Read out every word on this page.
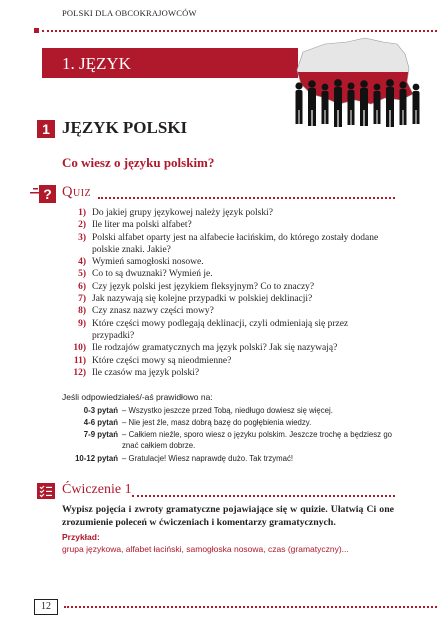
POLSKI DLA OBCOKRAJOWCÓW
1. JĘZYK
1 JĘZYK POLSKI
Co wiesz o języku polskim?
? Quiz
1) Do jakiej grupy językowej należy język polski?
2) Ile liter ma polski alfabet?
3) Polski alfabet oparty jest na alfabecie łacińskim, do którego zostały dodane polskie znaki. Jakie?
4) Wymień samogłoski nosowe.
5) Co to są dwuznaki? Wymień je.
6) Czy język polski jest językiem fleksyjnym? Co to znaczy?
7) Jak nazywają się kolejne przypadki w polskiej deklinacji?
8) Czy znasz nazwy części mowy?
9) Które części mowy podlegają deklinacji, czyli odmieniają się przez przypadki?
10) Ile rodzajów gramatycznych ma język polski? Jak się nazywają?
11) Które części mowy są nieodmienne?
12) Ile czasów ma język polski?
Jeśli odpowiedziałeś/-aś prawidłowo na:
0-3 pytań – Wszystko jeszcze przed Tobą, niedługo dowiesz się więcej.
4-6 pytań – Nie jest źle, masz dobrą bazę do pogłębienia wiedzy.
7-9 pytań – Całkiem nieźle, sporo wiesz o języku polskim. Jeszcze trochę a będziesz go znać całkiem dobrze.
10-12 pytań – Gratulacje! Wiesz naprawdę dużo. Tak trzymać!
Ćwiczenie 1
Wypisz pojęcia i zwroty gramatyczne pojawiające się w quizie. Ułatwią Ci one zrozumienie poleceń w ćwiczeniach i komentarzy gramatycznych.
Przykład:
grupa językowa, alfabet łaciński, samogłoska nosowa, czas (gramatyczny)...
12
